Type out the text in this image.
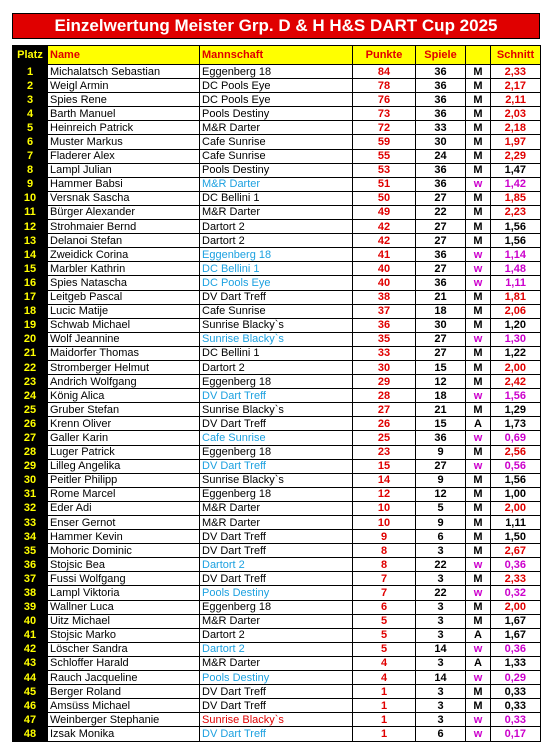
Einzelwertung Meister Grp. D & H H&S DART Cup 2025
Platz	Name	Mannschaft	Punkte	Spiele		Schnitt
1	Michalatsch Sebastian	Eggenberg 18	84	36	M	2,33
2	Weigl Armin	DC Pools Eye	78	36	M	2,17
3	Spies Rene	DC Pools Eye	76	36	M	2,11
4	Barth Manuel	Pools Destiny	73	36	M	2,03
5	Heinreich Patrick	M&R Darter	72	33	M	2,18
6	Muster Markus	Cafe Sunrise	59	30	M	1,97
7	Fladerer Alex	Cafe Sunrise	55	24	M	2,29
8	Lampl Julian	Pools Destiny	53	36	M	1,47
9	Hammer Babsi	M&R Darter	51	36	w	1,42
10	Versnak Sascha	DC Bellini 1	50	27	M	1,85
11	Bürger Alexander	M&R Darter	49	22	M	2,23
12	Strohmaier Bernd	Dartort 2	42	27	M	1,56
13	Delanoi Stefan	Dartort 2	42	27	M	1,56
14	Zweidick Corina	Eggenberg 18	41	36	w	1,14
15	Marbler Kathrin	DC Bellini 1	40	27	w	1,48
16	Spies Natascha	DC Pools Eye	40	36	w	1,11
17	Leitgeb Pascal	DV Dart Treff	38	21	M	1,81
18	Lucic Matije	Cafe Sunrise	37	18	M	2,06
19	Schwab Michael	Sunrise Blacky`s	36	30	M	1,20
20	Wolf Jeannine	Sunrise Blacky`s	35	27	w	1,30
21	Maidorfer Thomas	DC Bellini 1	33	27	M	1,22
22	Stromberger Helmut	Dartort 2	30	15	M	2,00
23	Andrich Wolfgang	Eggenberg 18	29	12	M	2,42
24	König Alica	DV Dart Treff	28	18	w	1,56
25	Gruber Stefan	Sunrise Blacky`s	27	21	M	1,29
26	Krenn Oliver	DV Dart Treff	26	15	A	1,73
27	Galler Karin	Cafe Sunrise	25	36	w	0,69
28	Luger Patrick	Eggenberg 18	23	9	M	2,56
29	Lilleg Angelika	DV Dart Treff	15	27	w	0,56
30	Peitler Philipp	Sunrise Blacky`s	14	9	M	1,56
31	Rome Marcel	Eggenberg 18	12	12	M	1,00
32	Eder Adi	M&R Darter	10	5	M	2,00
33	Enser Gernot	M&R Darter	10	9	M	1,11
34	Hammer Kevin	DV Dart Treff	9	6	M	1,50
35	Mohoric Dominic	DV Dart Treff	8	3	M	2,67
36	Stojsic Bea	Dartort 2	8	22	w	0,36
37	Fussi Wolfgang	DV Dart Treff	7	3	M	2,33
38	Lampl Viktoria	Pools Destiny	7	22	w	0,32
39	Wallner Luca	Eggenberg 18	6	3	M	2,00
40	Uitz Michael	M&R Darter	5	3	M	1,67
41	Stojsic Marko	Dartort 2	5	3	A	1,67
42	Löscher Sandra	Dartort 2	5	14	w	0,36
43	Schloffer Harald	M&R Darter	4	3	A	1,33
44	Rauch Jacqueline	Pools Destiny	4	14	w	0,29
45	Berger Roland	DV Dart Treff	1	3	M	0,33
46	Amsüss Michael	DV Dart Treff	1	3	M	0,33
47	Weinberger Stephanie	Sunrise Blacky`s	1	3	w	0,33
48	Izsak Monika	DV Dart Treff	1	6	w	0,17
